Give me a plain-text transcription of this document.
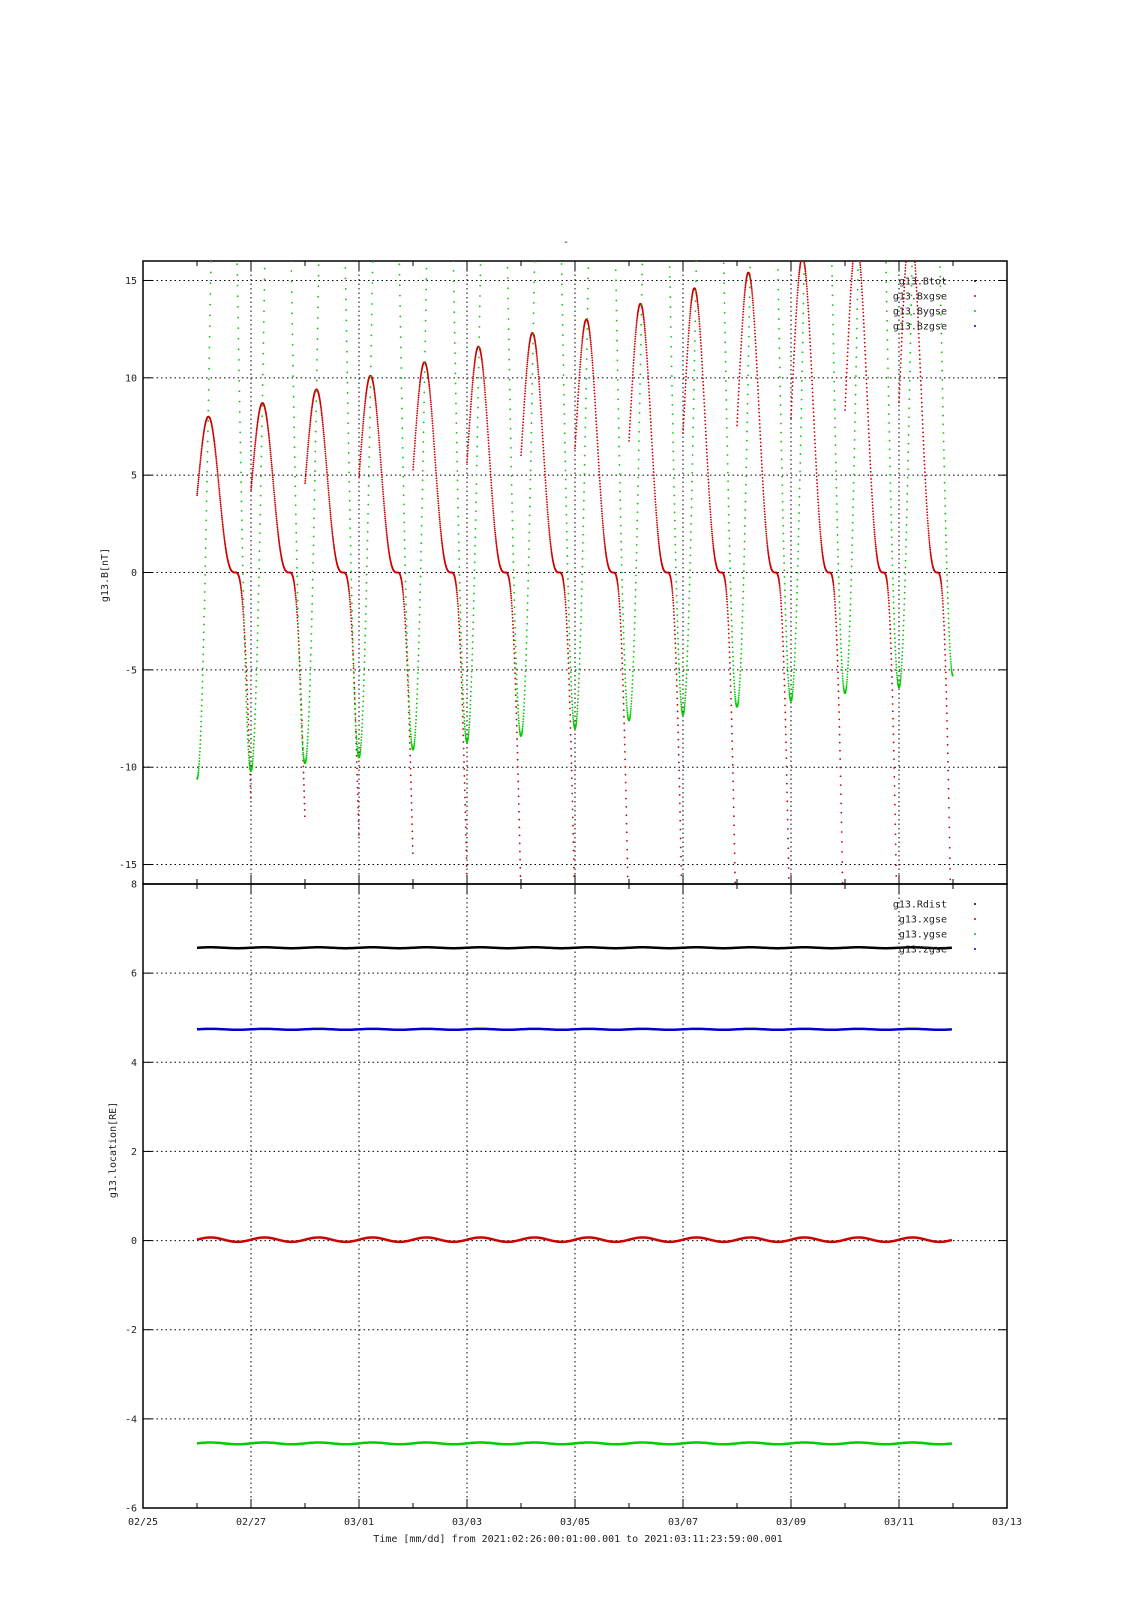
-15
-10
-5
0
5
10
15	g13.Btot
g13.Bxgse
g13.Bygse
g13.Bzgse
-6
-4
-2
0
2
4
6
8
g13.Rdist
g13.xgse
g13.ygse
g13.zgse
02/25	02/27	03/01	03/03	03/05	03/07	03/09	03/11	03/13
-
g13.B[nT]
g13.location[RE]
Time [mm/dd] from 2021:02:26:00:01:00.001 to 2021:03:11:23:59:00.001
